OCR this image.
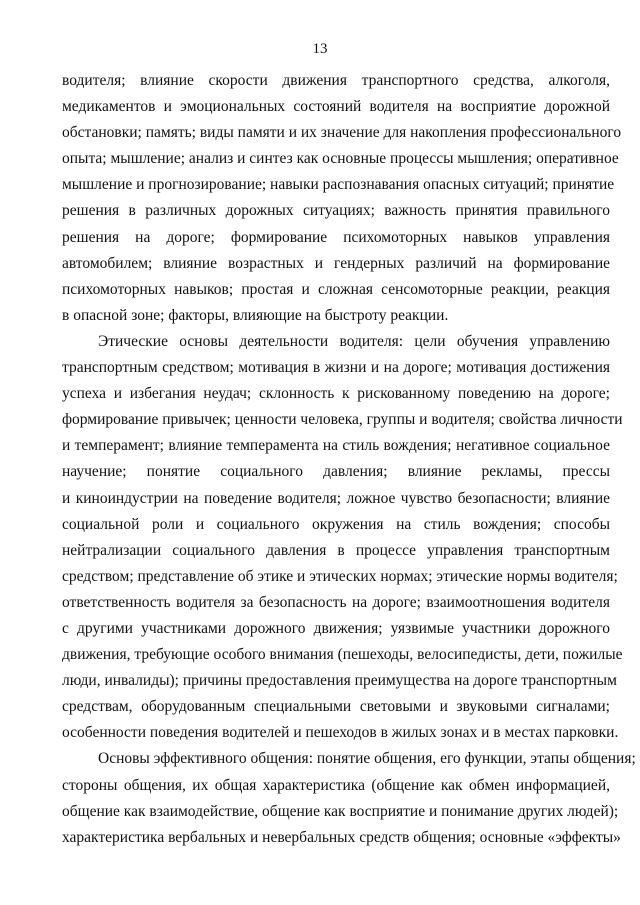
13
водителя; влияние скорости движения транспортного средства, алкоголя,
медикаментов и эмоциональных состояний водителя на восприятие дорожной
обстановки; память; виды памяти и их значение для накопления профессионального
опыта; мышление; анализ и синтез как основные процессы мышления; оперативное
мышление и прогнозирование; навыки распознавания опасных ситуаций; принятие
решения в различных дорожных ситуациях; важность принятия правильного
решения на дороге; формирование психомоторных навыков управления
автомобилем; влияние возрастных и гендерных различий на формирование
психомоторных навыков; простая и сложная сенсомоторные реакции, реакция
в опасной зоне; факторы, влияющие на быстроту реакции.
Этические основы деятельности водителя: цели обучения управлению
транспортным средством; мотивация в жизни и на дороге; мотивация достижения
успеха и избегания неудач; склонность к рискованному поведению на дороге;
формирование привычек; ценности человека, группы и водителя; свойства личности
и темперамент; влияние темперамента на стиль вождения; негативное социальное
научение; понятие социального давления; влияние рекламы, прессы
и киноиндустрии на поведение водителя; ложное чувство безопасности; влияние
социальной роли и социального окружения на стиль вождения; способы
нейтрализации социального давления в процессе управления транспортным
средством; представление об этике и этических нормах; этические нормы водителя;
ответственность водителя за безопасность на дороге; взаимоотношения водителя
с другими участниками дорожного движения; уязвимые участники дорожного
движения, требующие особого внимания (пешеходы, велосипедисты, дети, пожилые
люди, инвалиды); причины предоставления преимущества на дороге транспортным
средствам, оборудованным специальными световыми и звуковыми сигналами;
особенности поведения водителей и пешеходов в жилых зонах и в местах парковки.
Основы эффективного общения: понятие общения, его функции, этапы общения;
стороны общения, их общая характеристика (общение как обмен информацией,
общение как взаимодействие, общение как восприятие и понимание других людей);
характеристика вербальных и невербальных средств общения; основные «эффекты»
